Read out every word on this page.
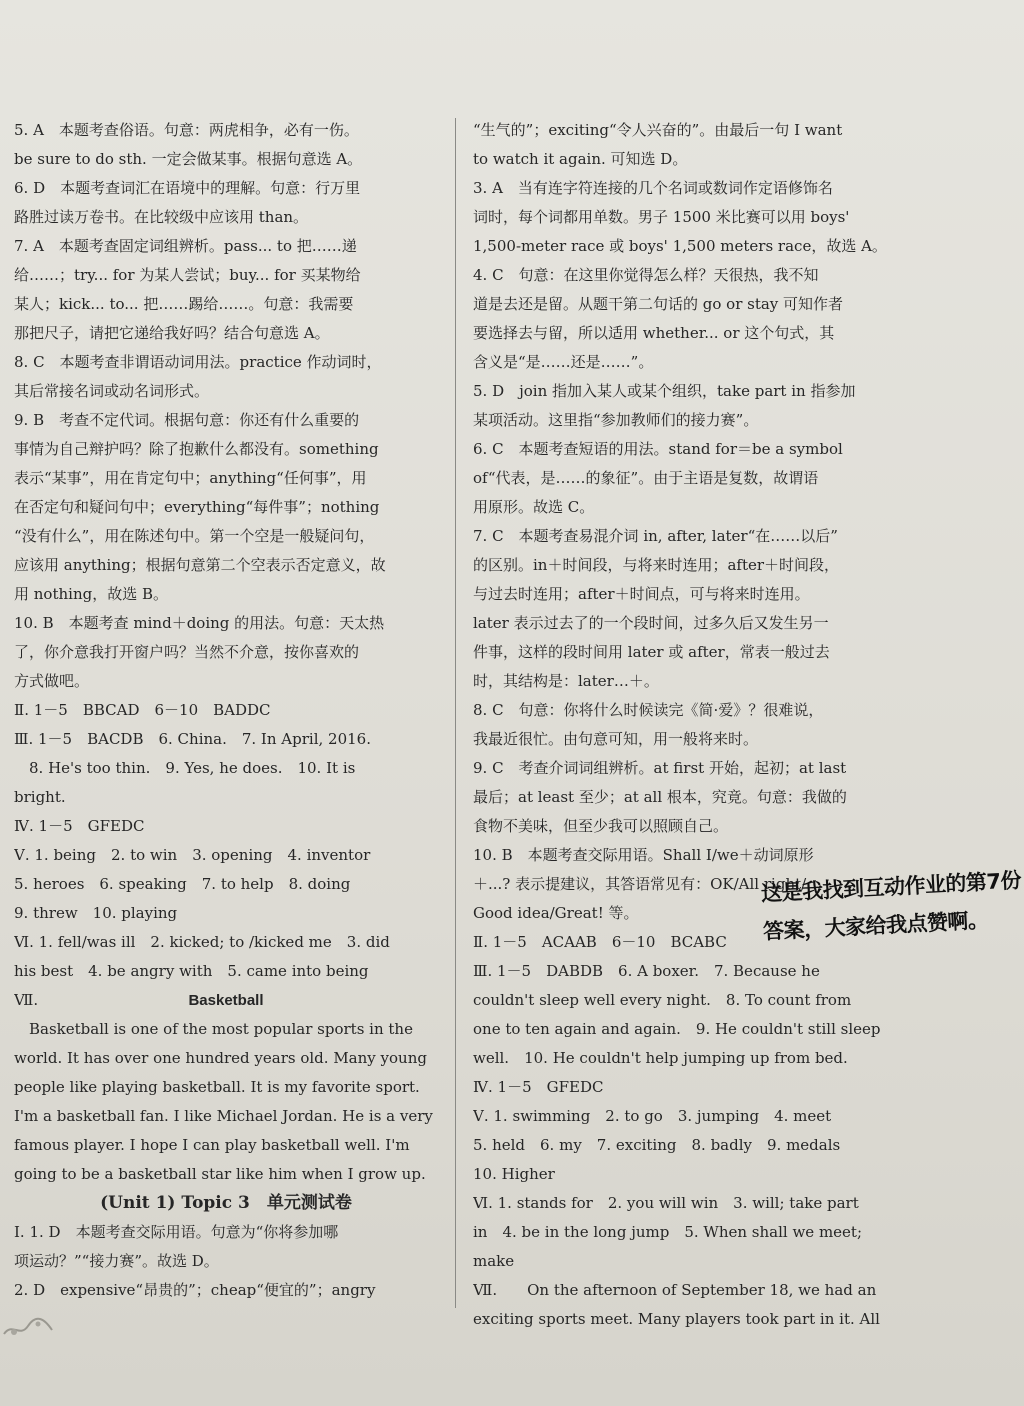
5. A　本题考查俗语。句意：两虎相争，必有一伤。
be sure to do sth. 一定会做某事。根据句意选 A。
6. D　本题考查词汇在语境中的理解。句意：行万里
路胜过读万卷书。在比较级中应该用 than。
7. A　本题考查固定词组辨析。pass... to 把……递
给……；try... for 为某人尝试；buy... for 买某物给
某人；kick... to... 把……踢给……。句意：我需要
那把尺子，请把它递给我好吗？结合句意选 A。
8. C　本题考查非谓语动词用法。practice 作动词时，
其后常接名词或动名词形式。
9. B　考查不定代词。根据句意：你还有什么重要的
事情为自己辩护吗？除了抱歉什么都没有。something
表示“某事”，用在肯定句中；anything“任何事”，用
在否定句和疑问句中；everything“每件事”；nothing
“没有什么”，用在陈述句中。第一个空是一般疑问句，
应该用 anything；根据句意第二个空表示否定意义，故
用 nothing，故选 B。
10. B　本题考查 mind＋doing 的用法。句意：天太热
了，你介意我打开窗户吗？当然不介意，按你喜欢的
方式做吧。
Ⅱ. 1－5　BBCAD　6－10　BADDC
Ⅲ. 1－5　BACDB　6. China.　7. In April, 2016.
　8. He's too thin.　9. Yes, he does.　10. It is
bright.
Ⅳ. 1－5　GFEDC
Ⅴ. 1. being　2. to win　3. opening　4. inventor
5. heroes　6. speaking　7. to help　8. doing
9. threw　10. playing
Ⅵ. 1. fell/was ill　2. kicked; to /kicked me　3. did
his best　4. be angry with　5. came into being
Ⅶ.	Basketball
　Basketball is one of the most popular sports in the
world. It has over one hundred years old. Many young
people like playing basketball. It is my favorite sport.
I'm a basketball fan. I like Michael Jordan. He is a very
famous player. I hope I can play basketball well. I'm
going to be a basketball star like him when I grow up.
(Unit 1) Topic 3　单元测试卷
Ⅰ. 1. D　本题考查交际用语。句意为“你将参加哪
项运动？”“接力赛”。故选 D。
2. D　expensive“昂贵的”；cheap“便宜的”；angry
“生气的”；exciting“令人兴奋的”。由最后一句 I want
to watch it again. 可知选 D。
3. A　当有连字符连接的几个名词或数词作定语修饰名
词时，每个词都用单数。男子 1500 米比赛可以用 boys'
1,500-meter race 或 boys' 1,500 meters race，故选 A。
4. C　句意：在这里你觉得怎么样？天很热，我不知
道是去还是留。从题干第二句话的 go or stay 可知作者
要选择去与留，所以适用 whether... or 这个句式，其
含义是“是……还是……”。
5. D　join 指加入某人或某个组织，take part in 指参加
某项活动。这里指“参加教师们的接力赛”。
6. C　本题考查短语的用法。stand for＝be a symbol
of“代表，是……的象征”。由于主语是复数，故谓语
用原形。故选 C。
7. C　本题考查易混介词 in, after, later“在……以后”
的区别。in＋时间段，与将来时连用；after＋时间段，
与过去时连用；after＋时间点，可与将来时连用。
later 表示过去了的一个段时间，过多久后又发生另一
件事，这样的段时间用 later 或 after，常表一般过去
时，其结构是：later…＋。
8. C　句意：你将什么时候读完《简·爱》？很难说，
我最近很忙。由句意可知，用一般将来时。
9. C　考查介词词组辨析。at first 开始，起初；at last
最后；at least 至少；at all 根本，究竟。句意：我做的
食物不美味，但至少我可以照顾自己。
10. B　本题考查交际用语。Shall I/we＋动词原形
＋...? 表示提建议，其答语常见有：OK/All right/
Good idea/Great! 等。
Ⅱ. 1－5　ACAAB　6－10　BCABC
Ⅲ. 1－5　DABDB　6. A boxer.　7. Because he
couldn't sleep well every night.　8. To count from
one to ten again and again.　9. He couldn't still sleep
well.　10. He couldn't help jumping up from bed.
Ⅳ. 1－5　GFEDC
Ⅴ. 1. swimming　2. to go　3. jumping　4. meet
5. held　6. my　7. exciting　8. badly　9. medals
10. Higher
Ⅵ. 1. stands for　2. you will win　3. will; take part
in　4. be in the long jump　5. When shall we meet;
make
Ⅶ.　　On the afternoon of September 18, we had an
exciting sports meet. Many players took part in it. All
这是我找到互动作业的第7份
答案，大家给我点赞啊。
